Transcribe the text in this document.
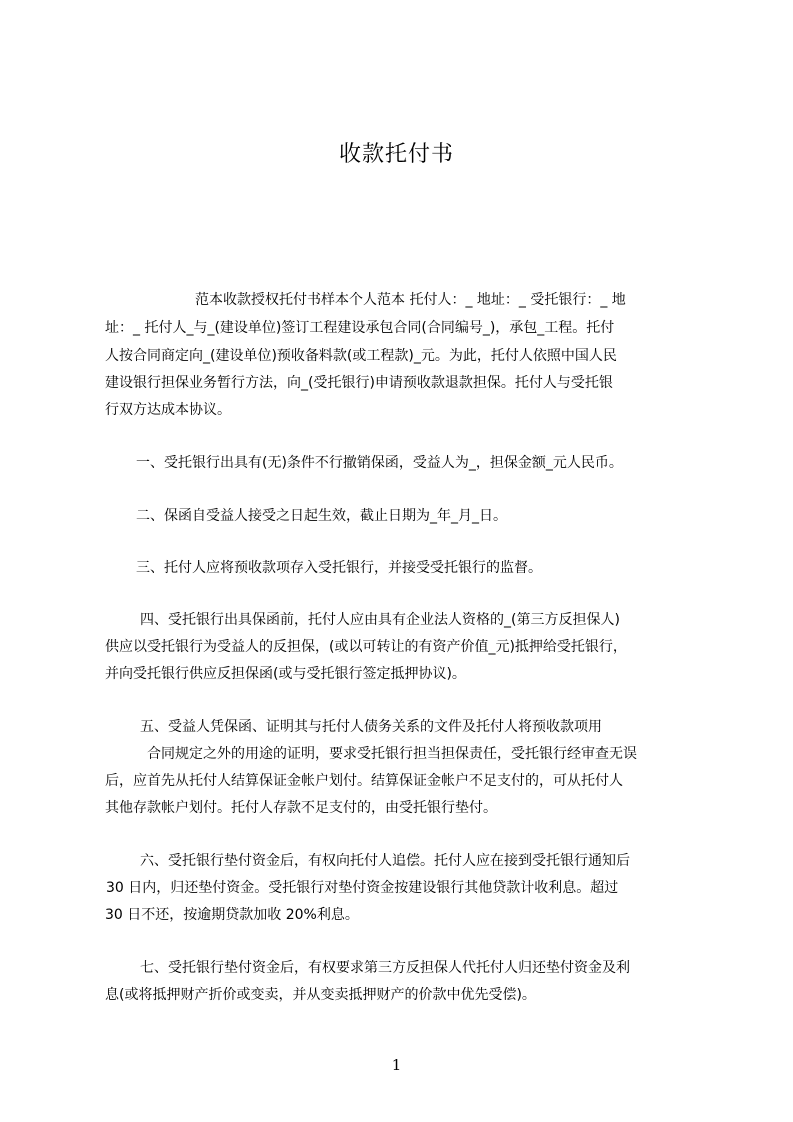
收款托付书
范本收款授权托付书样本个人范本 托付人：_ 地址：_ 受托银行：_ 地
址：_ 托付人_与_(建设单位)签订工程建设承包合同(合同编号_)，承包_工程。托付
人按合同商定向_(建设单位)预收备料款(或工程款)_元。为此，托付人依照中国人民
建设银行担保业务暂行方法，向_(受托银行)申请预收款退款担保。托付人与受托银
行双方达成本协议。
一、受托银行出具有(无)条件不行撤销保函，受益人为_，担保金额_元人民币。
二、保函自受益人接受之日起生效，截止日期为_年_月_日。
三、托付人应将预收款项存入受托银行，并接受受托银行的监督。
四、受托银行出具保函前，托付人应由具有企业法人资格的_(第三方反担保人)
供应以受托银行为受益人的反担保，(或以可转让的有资产价值_元)抵押给受托银行，
并向受托银行供应反担保函(或与受托银行签定抵押协议)。
五、受益人凭保函、证明其与托付人债务关系的文件及托付人将预收款项用
合同规定之外的用途的证明，要求受托银行担当担保责任，受托银行经审查无误
后，应首先从托付人结算保证金帐户划付。结算保证金帐户不足支付的，可从托付人
其他存款帐户划付。托付人存款不足支付的，由受托银行垫付。
六、受托银行垫付资金后，有权向托付人追偿。托付人应在接到受托银行通知后
30 日内，归还垫付资金。受托银行对垫付资金按建设银行其他贷款计收利息。超过
30 日不还，按逾期贷款加收 20%利息。
七、受托银行垫付资金后，有权要求第三方反担保人代托付人归还垫付资金及利
息(或将抵押财产折价或变卖，并从变卖抵押财产的价款中优先受偿)。
1
